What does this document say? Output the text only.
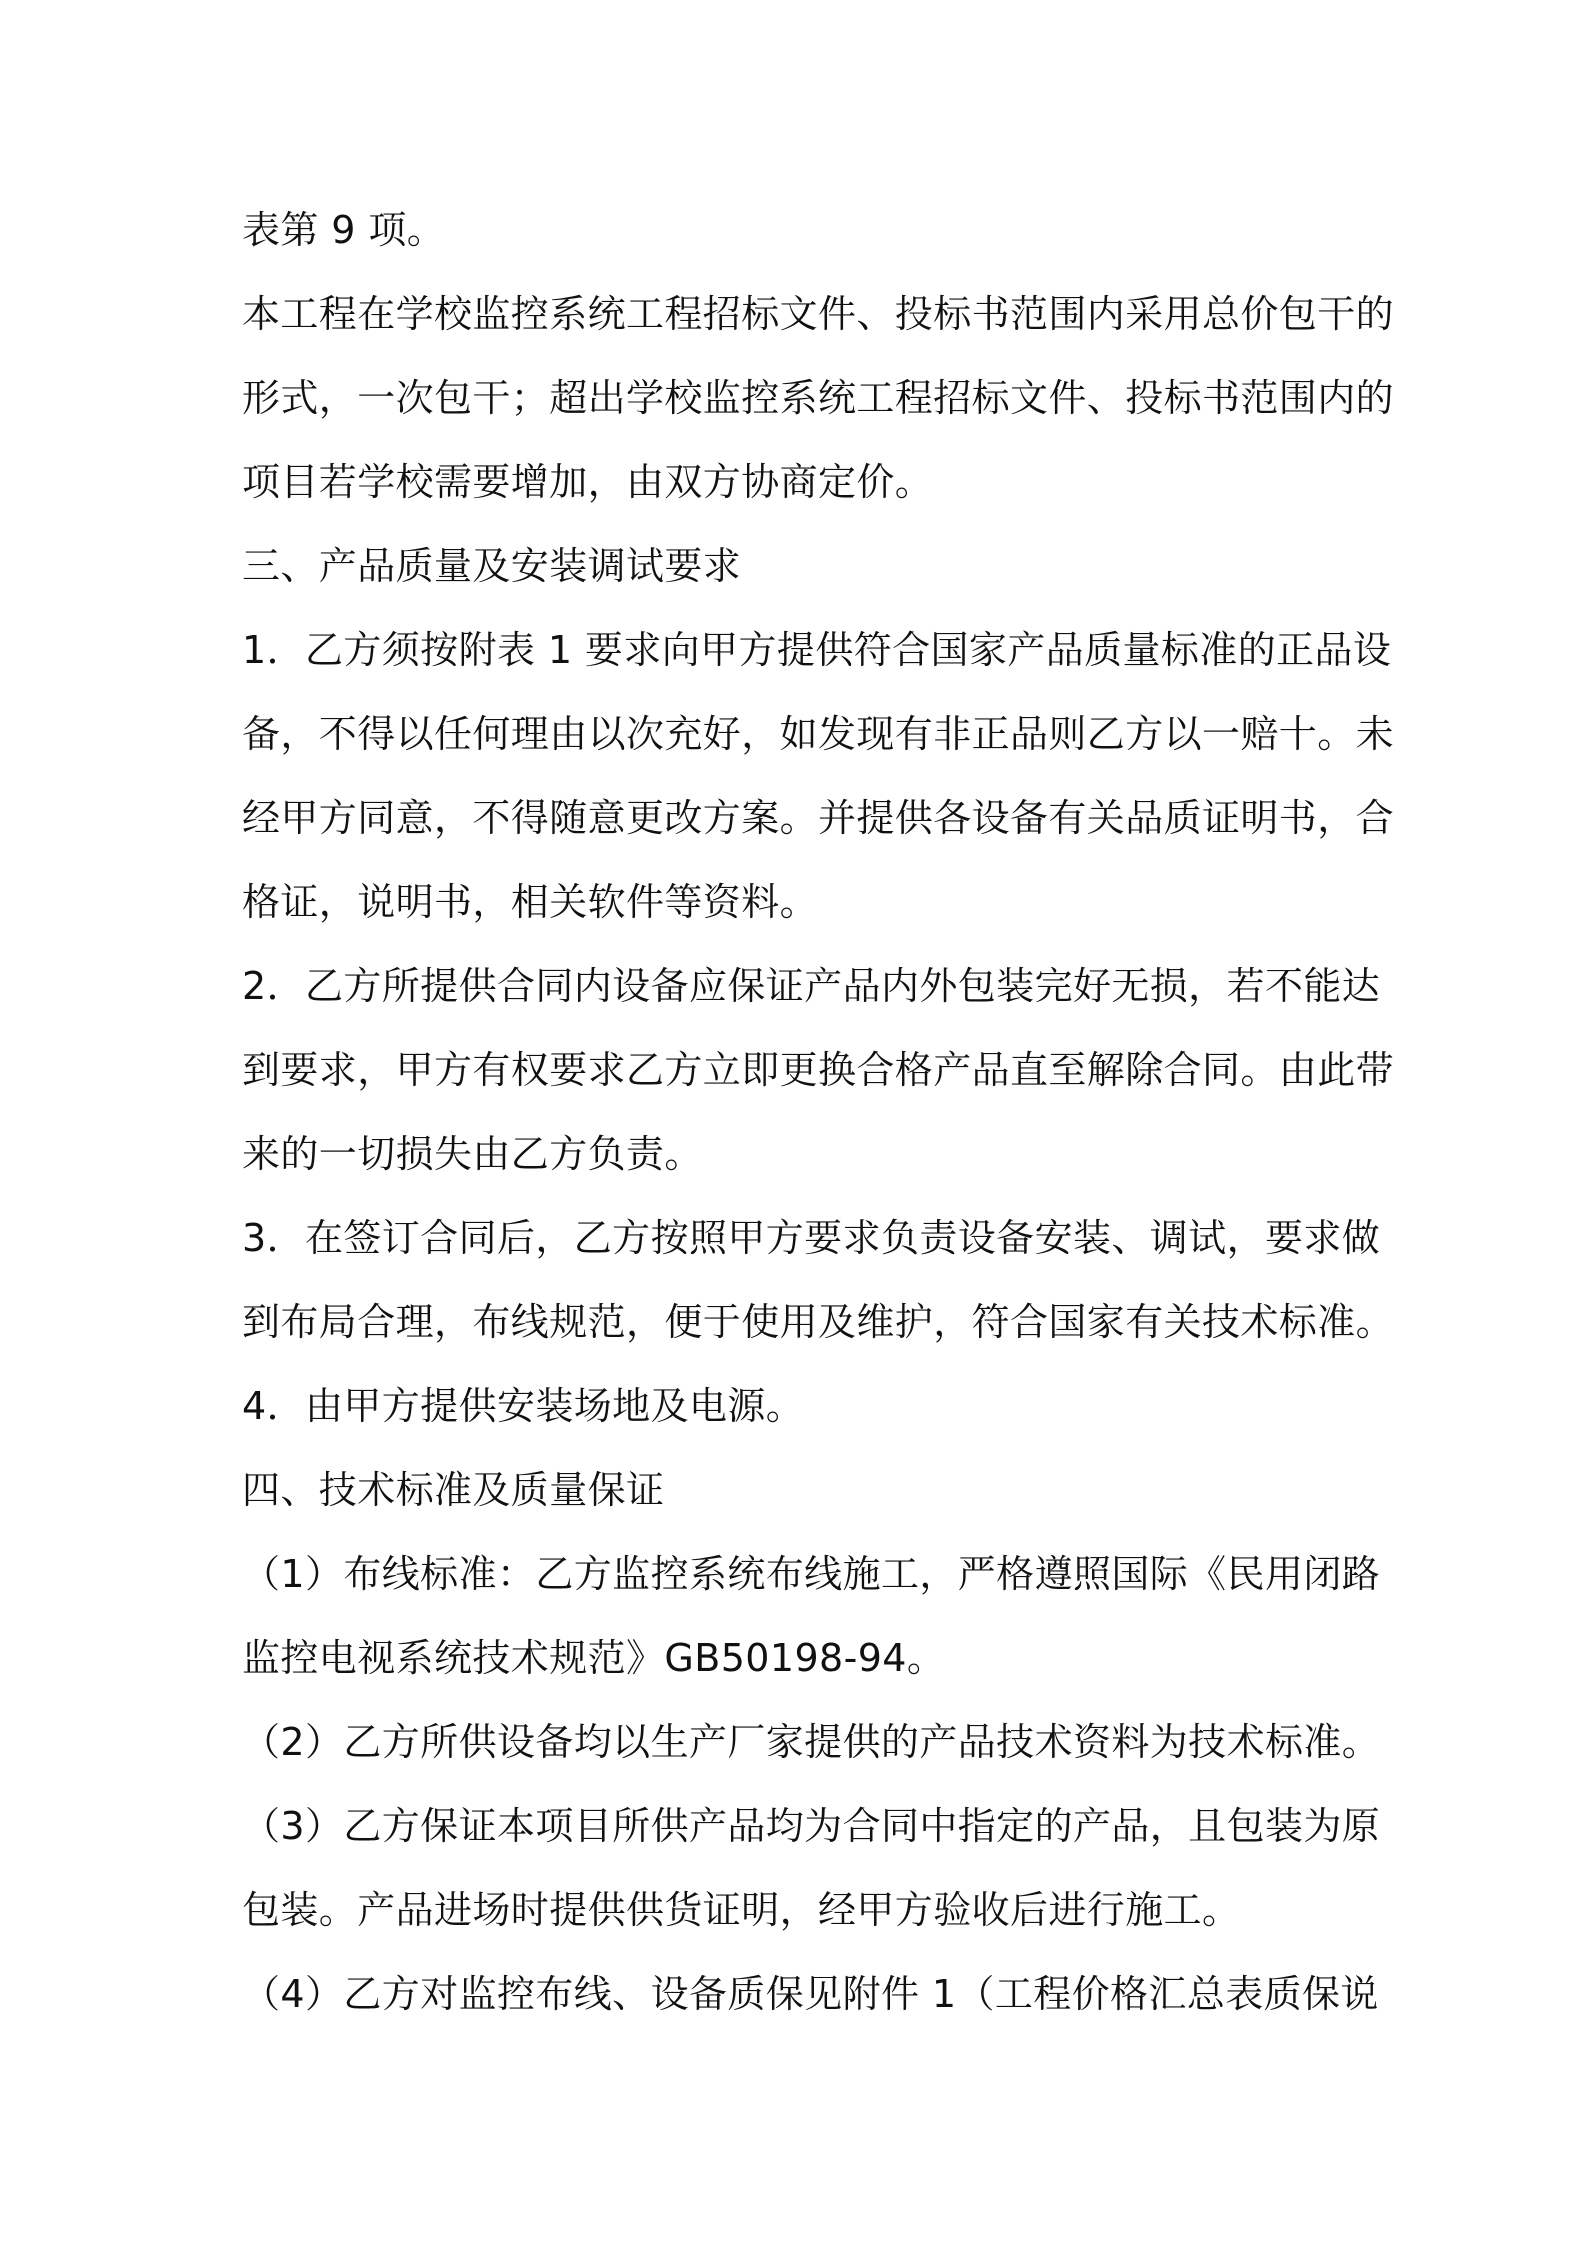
表第 9 项。
本工程在学校监控系统工程招标文件、投标书范围内采用总价包干的
形式，一次包干；超出学校监控系统工程招标文件、投标书范围内的
项目若学校需要增加，由双方协商定价。
三、产品质量及安装调试要求
1．乙方须按附表 1 要求向甲方提供符合国家产品质量标准的正品设
备，不得以任何理由以次充好，如发现有非正品则乙方以一赔十。未
经甲方同意，不得随意更改方案。并提供各设备有关品质证明书，合
格证，说明书，相关软件等资料。
2．乙方所提供合同内设备应保证产品内外包装完好无损，若不能达
到要求，甲方有权要求乙方立即更换合格产品直至解除合同。由此带
来的一切损失由乙方负责。
3．在签订合同后，乙方按照甲方要求负责设备安装、调试，要求做
到布局合理，布线规范，便于使用及维护，符合国家有关技术标准。
4．由甲方提供安装场地及电源。
四、技术标准及质量保证
（1）布线标准：乙方监控系统布线施工，严格遵照国际《民用闭路
监控电视系统技术规范》GB50198-94。
（2）乙方所供设备均以生产厂家提供的产品技术资料为技术标准。
（3）乙方保证本项目所供产品均为合同中指定的产品，且包装为原
包装。产品进场时提供供货证明，经甲方验收后进行施工。
（4）乙方对监控布线、设备质保见附件 1（工程价格汇总表质保说
